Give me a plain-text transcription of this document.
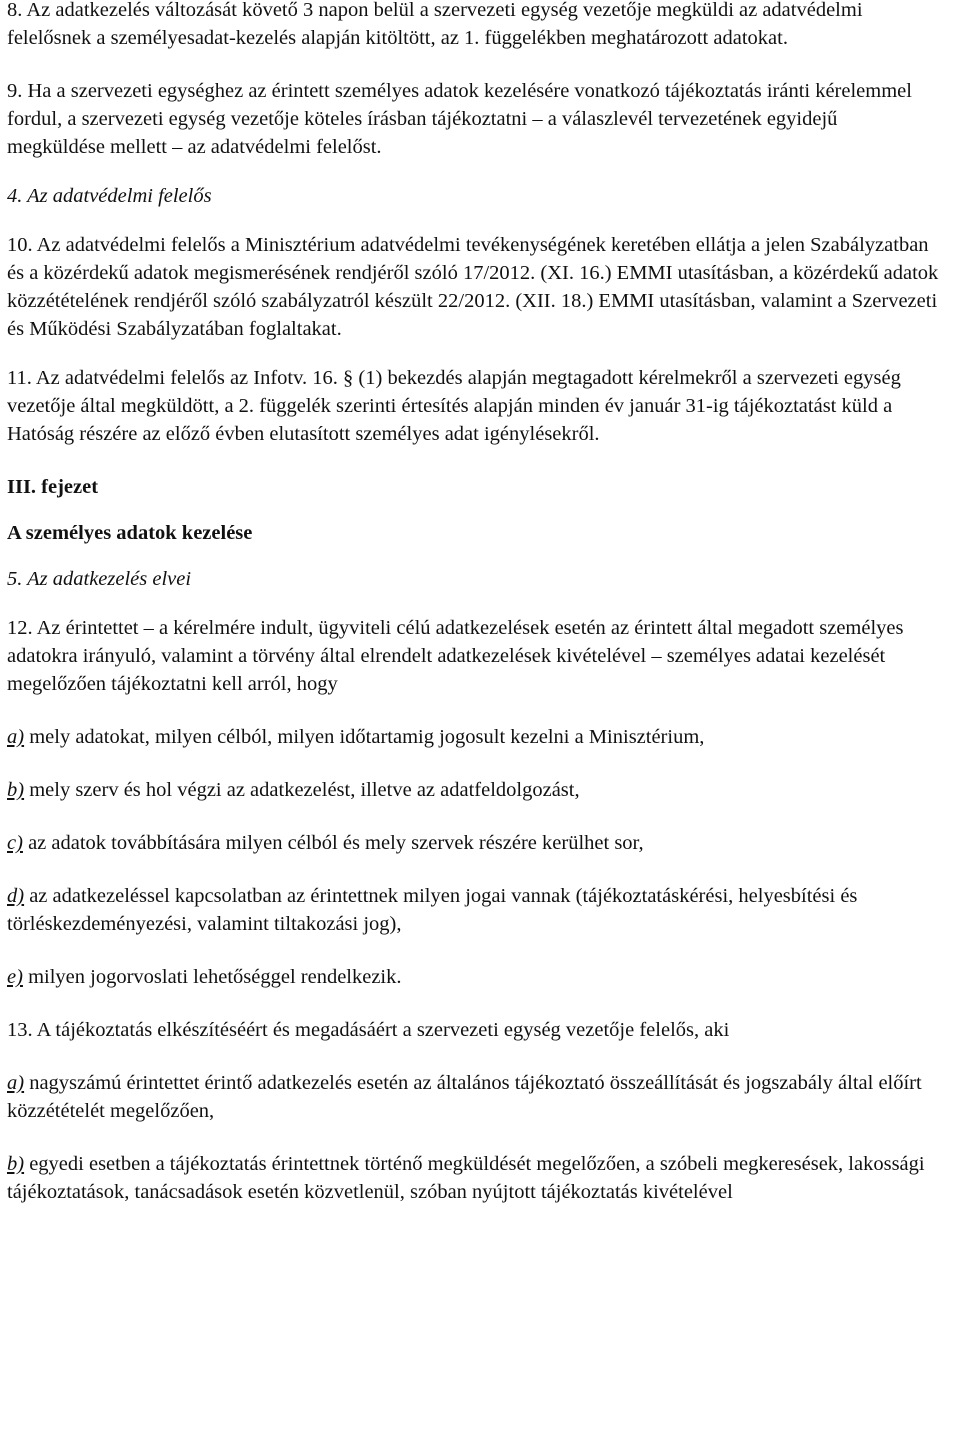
8. Az adatkezelés változását követő 3 napon belül a szervezeti egység vezetője megküldi az adatvédelmi felelősnek a személyesadat-kezelés alapján kitöltött, az 1. függelékben meghatározott adatokat.

9. Ha a szervezeti egységhez az érintett személyes adatok kezelésére vonatkozó tájékoztatás iránti kérelemmel fordul, a szervezeti egység vezetője köteles írásban tájékoztatni – a válaszlevél tervezetének egyidejű megküldése mellett – az adatvédelmi felelőst.

4. Az adatvédelmi felelős

10. Az adatvédelmi felelős a Minisztérium adatvédelmi tevékenységének keretében ellátja a jelen Szabályzatban és a közérdekű adatok megismerésének rendjéről szóló 17/2012. (XI. 16.) EMMI utasításban, a közérdekű adatok közzétételének rendjéről szóló szabályzatról készült 22/2012. (XII. 18.) EMMI utasításban, valamint a Szervezeti és Működési Szabályzatában foglaltakat.

11. Az adatvédelmi felelős az Infotv. 16. § (1) bekezdés alapján megtagadott kérelmekről a szervezeti egység vezetője által megküldött, a 2. függelék szerinti értesítés alapján minden év január 31-ig tájékoztatást küld a Hatóság részére az előző évben elutasított személyes adat igénylésekről.

III. fejezet

A személyes adatok kezelése

5. Az adatkezelés elvei

12. Az érintettet – a kérelmére indult, ügyviteli célú adatkezelések esetén az érintett által megadott személyes adatokra irányuló, valamint a törvény által elrendelt adatkezelések kivételével – személyes adatai kezelését megelőzően tájékoztatni kell arról, hogy

a) mely adatokat, milyen célból, milyen időtartamig jogosult kezelni a Minisztérium,

b) mely szerv és hol végzi az adatkezelést, illetve az adatfeldolgozást,

c) az adatok továbbítására milyen célból és mely szervek részére kerülhet sor,

d) az adatkezeléssel kapcsolatban az érintettnek milyen jogai vannak (tájékoztatáskérési, helyesbítési és törléskezdeményezési, valamint tiltakozási jog),

e) milyen jogorvoslati lehetőséggel rendelkezik.

13. A tájékoztatás elkészítéséért és megadásáért a szervezeti egység vezetője felelős, aki

a) nagyszámú érintettet érintő adatkezelés esetén az általános tájékoztató összeállítását és jogszabály által előírt közzétételét megelőzően,

b) egyedi esetben a tájékoztatás érintettnek történő megküldését megelőzően, a szóbeli megkeresések, lakossági tájékoztatások, tanácsadások esetén közvetlenül, szóban nyújtott tájékoztatás kivételével
